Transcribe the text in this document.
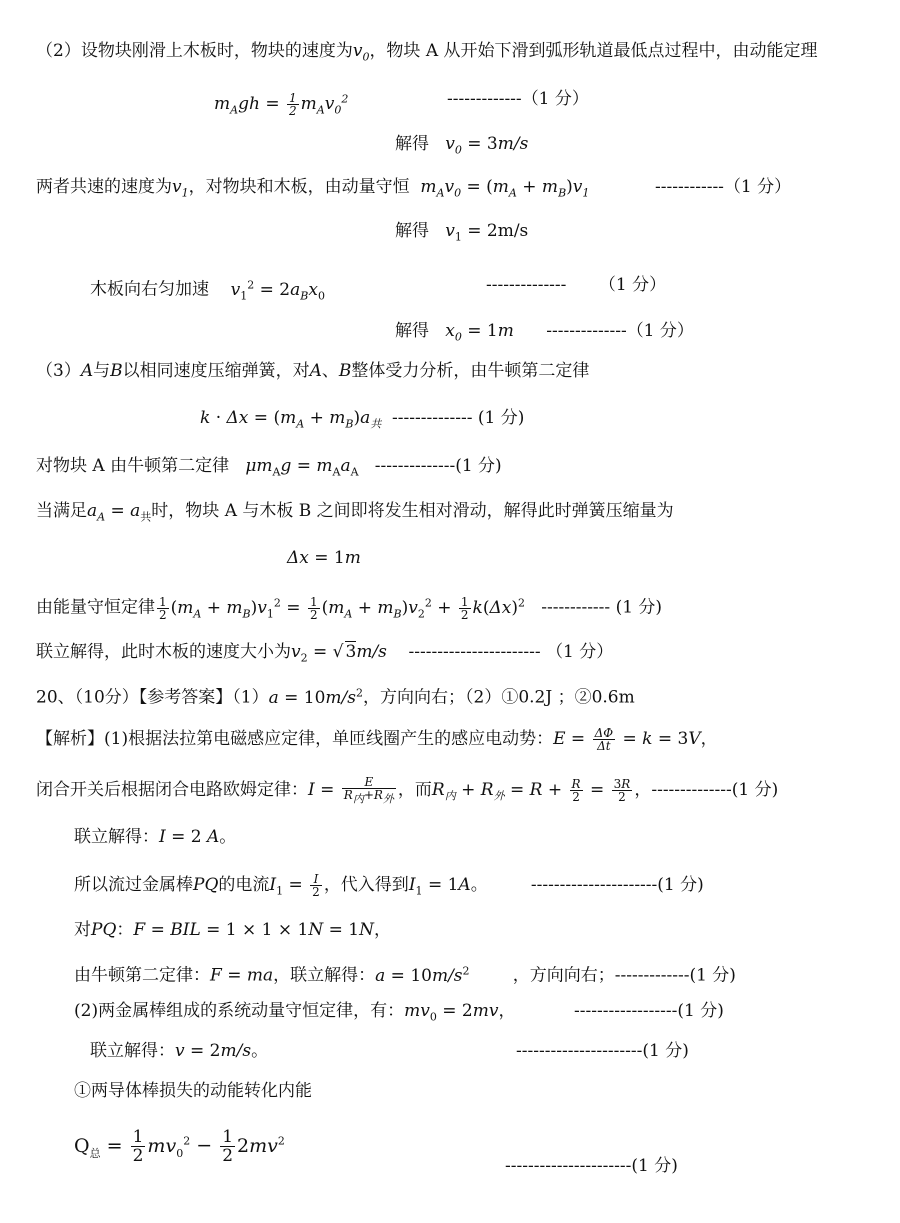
（2）设物块刚滑上木板时，物块的速度为$v_0$，物块 A 从开始下滑到弧形轨道最低点过程中，由动能定理
$m_Agh = \frac{1}{2} m_Av_0^2$	-------------（1 分）
解得 $v_0 = 3m/s$
两者共速的速度为$v_1$，对物块和木板，由动量守恒 $m_Av_0 = (m_A + m_B)v_1$	------------（1 分）
解得 $v_1 = 2m/s$
木板向右匀加速 $v_1^2 = 2a_Bx_0$
-------------- （1 分）
解得 $x_0 = 1m$ --------------（1 分）
（3）A与B以相同速度压缩弹簧，对A、B整体受力分析，由牛顿第二定律
$k \cdot \Delta x = (m_A + m_B)a_共$ -------------- (1 分)
对物块 A 由牛顿第二定律 $\mu m_Ag = m_Aa_A$ --------------(1 分)
当满足$a_A = a_共$时，物块 A 与木板 B 之间即将发生相对滑动，解得此时弹簧压缩量为
Δx = 1m
由能量守恒定律 $\frac{1}{2} (m_A + m_B)v_1^2 = \frac{1}{2} (m_A + m_B)v_2^2 + \frac{1}{2} k(\Delta x)^2$ ------------ (1 分)
联立解得，此时木板的速度大小为$v_2$ = √ 3m/s ----------------------- （1 分）
20、（10分）【参考答案】$(1)a = 10m/s^2$，方向向右；（2）①0.2J ；②0.6m
【解析】(1)根据法拉第电磁感应定律，单匝线圈产生的感应电动势：$E = \frac{\Delta\Phi}{\Delta t} = k = 3V$，
闭合开关后根据闭合电路欧姆定律：$I = \frac{E}{R_内+R_外}$ ，而$R_内 + R_外 = R + \frac{R}{2} = \frac{3R}{2}$ ，--------------(1 分)
联立解得：I = 2 A。
所以流过金属棒PQ的电流$I_1 = \frac{I}{2}$ ，代入得到$I_1 = 1A$。	----------------------(1 分)
对PQ：F = BIL = 1 × 1 × 1N = 1N，
由牛顿第二定律：F = ma，联立解得：$a = 10m/s^2$	，方向向右；-------------(1 分)
(2)两金属棒组成的系统动量守恒定律，有：$mv_0 = 2mv$，	------------------(1 分)
联立解得：v = 2m/s。	----------------------(1 分)
①两导体棒损失的动能转化内能
$Q_总 = \frac{1}{2} mv_0^2 - \frac{1}{2} 2mv^2$
----------------------(1 分)
